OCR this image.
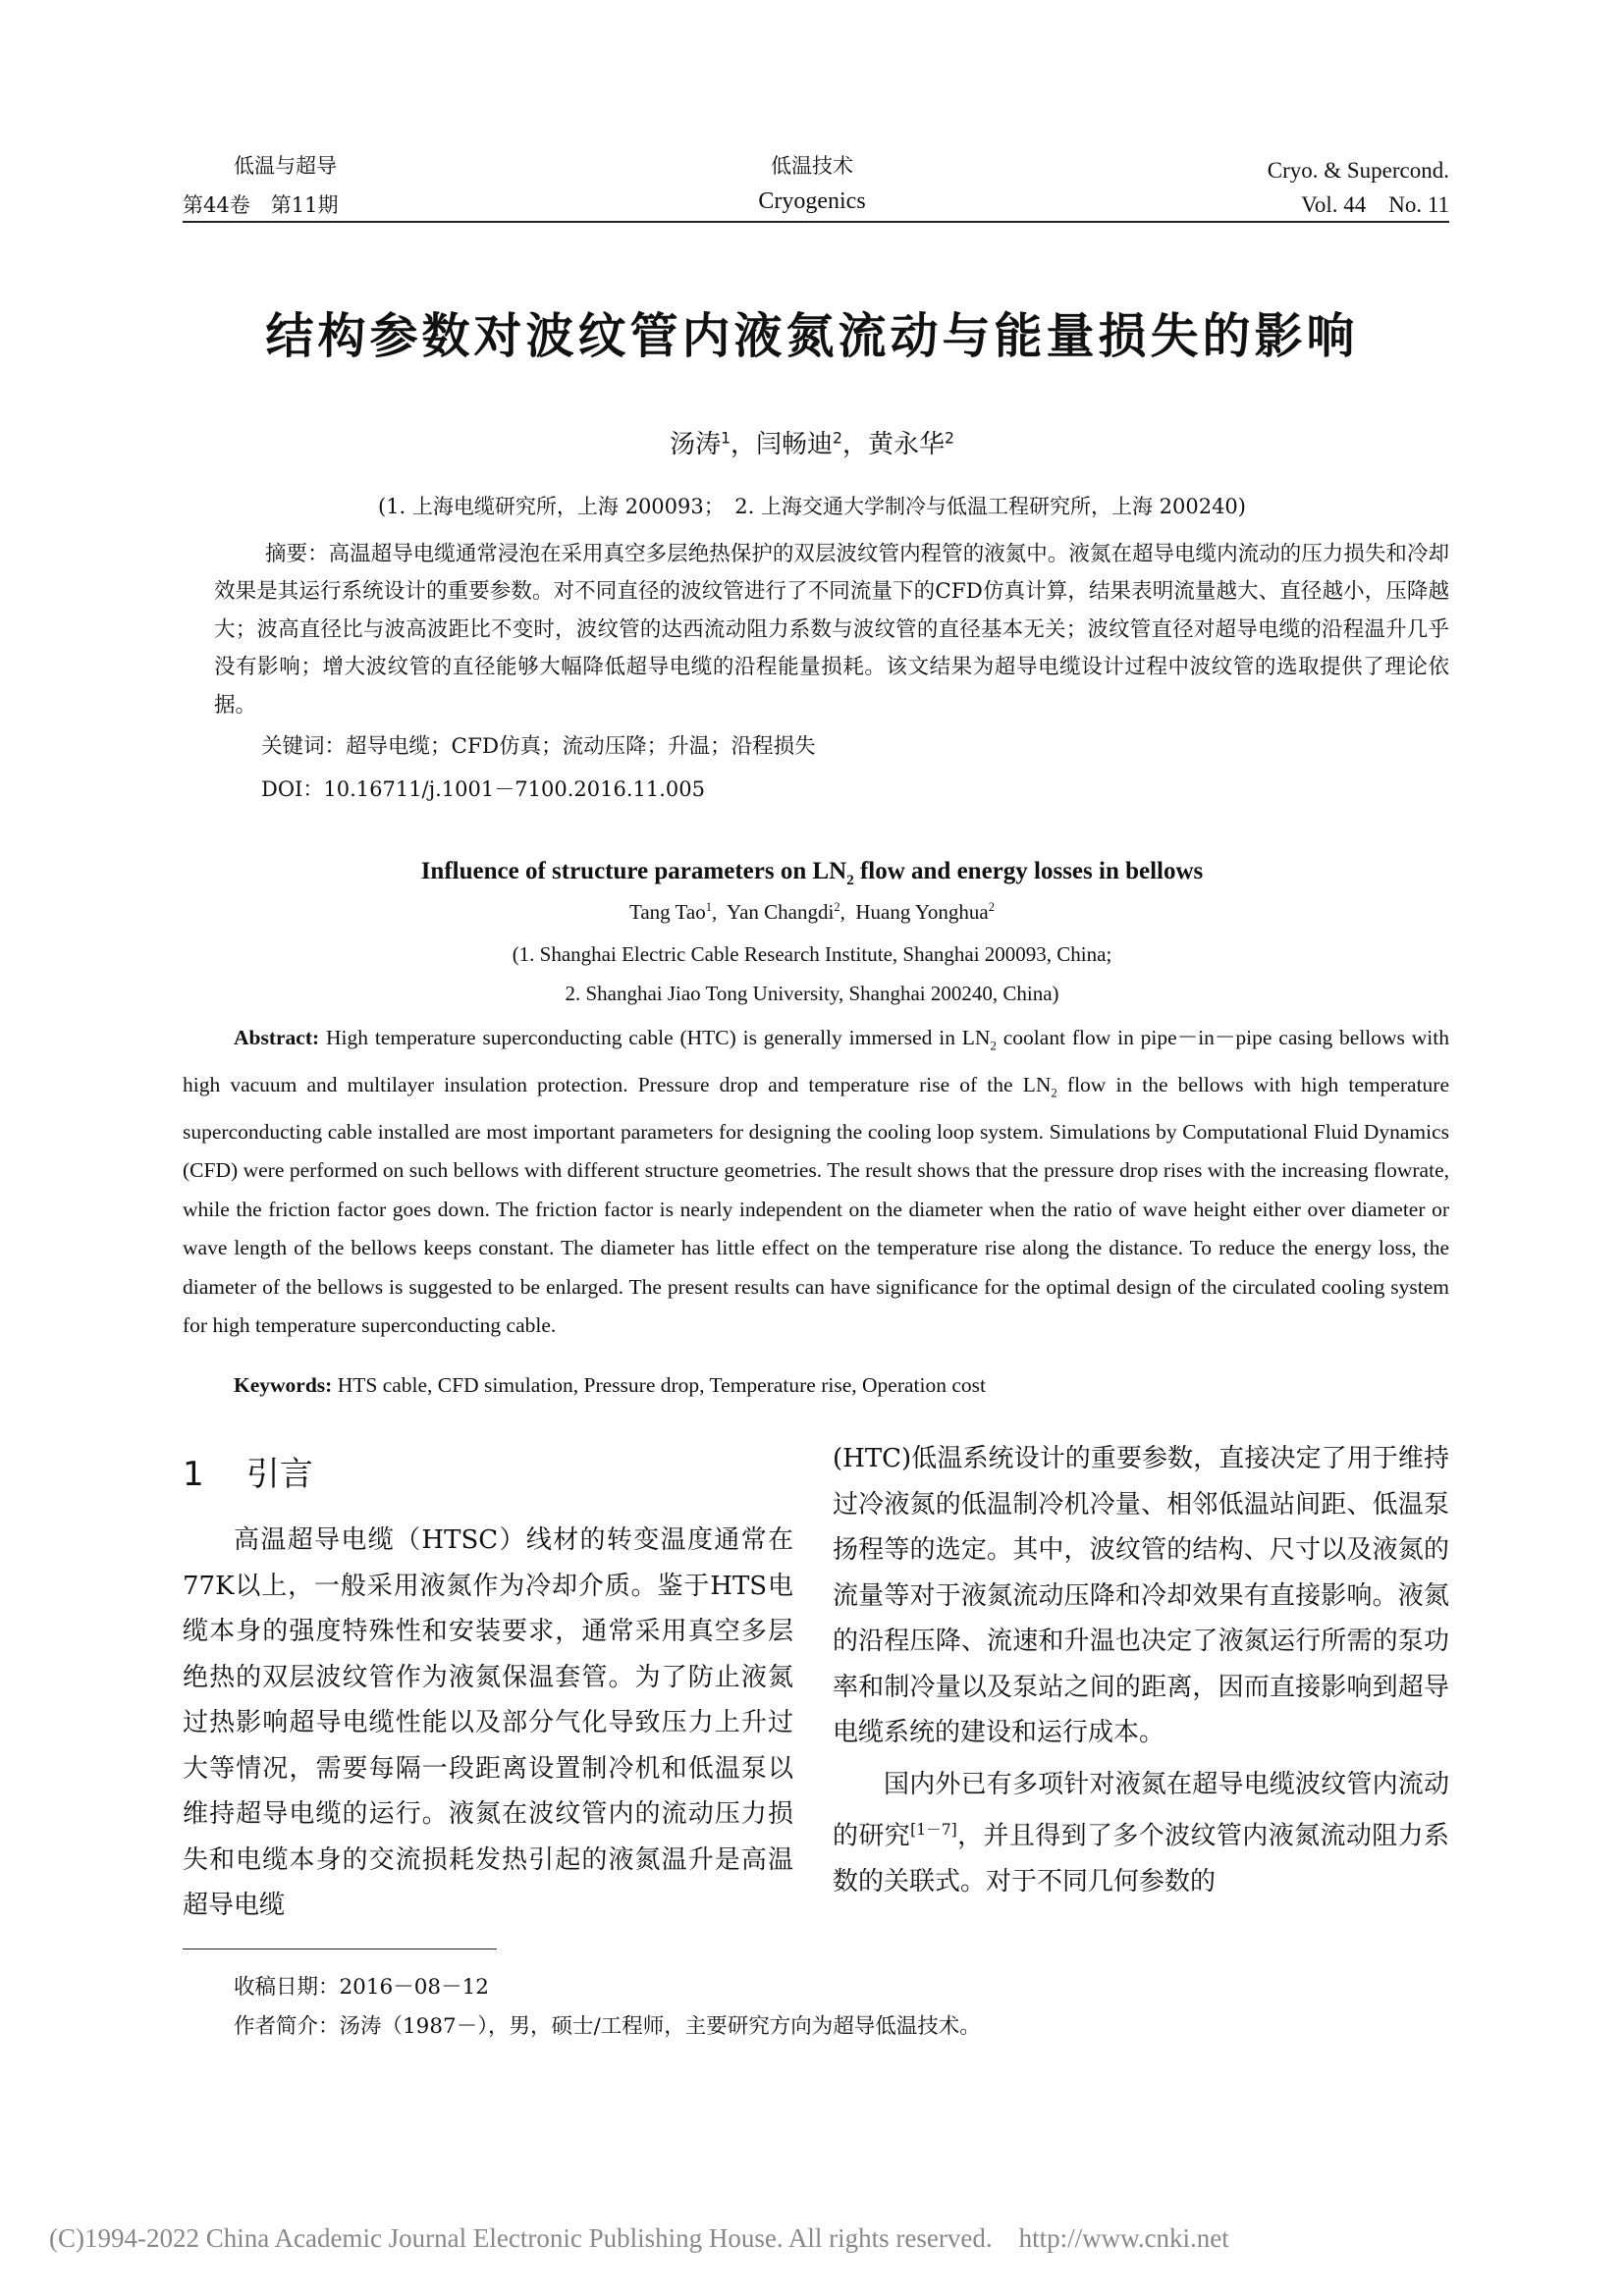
低温与超导
第44卷　第11期
低温技术
Cryogenics
Cryo. & Supercond.
Vol. 44　No. 11
结构参数对波纹管内液氮流动与能量损失的影响
汤涛$^1$，闫畅迪$^2$，黄永华$^2$
(1. 上海电缆研究所，上海 200093；　2. 上海交通大学制冷与低温工程研究所，上海 200240)
摘要：高温超导电缆通常浸泡在采用真空多层绝热保护的双层波纹管内程管的液氮中。液氮在超导电缆内流动的压力损失和冷却效果是其运行系统设计的重要参数。对不同直径的波纹管进行了不同流量下的CFD仿真计算，结果表明流量越大、直径越小，压降越大；波高直径比与波高波距比不变时，波纹管的达西流动阻力系数与波纹管的直径基本无关；波纹管直径对超导电缆的沿程温升几乎没有影响；增大波纹管的直径能够大幅降低超导电缆的沿程能量损耗。该文结果为超导电缆设计过程中波纹管的选取提供了理论依据。
关键词：超导电缆；CFD仿真；流动压降；升温；沿程损失
DOI：10.16711/j.1001－7100.2016.11.005
Influence of structure parameters on $LN_2$ flow and energy losses in bellows
Tang Tao$^1$,  Yan Changdi$^2$,  Huang Yonghua$^2$
(1. Shanghai Electric Cable Research Institute, Shanghai 200093, China;
2. Shanghai Jiao Tong University, Shanghai 200240, China)
Abstract: High temperature superconducting cable (HTC) is generally immersed in $LN_2$ coolant flow in pipe－in－pipe casing bellows with high vacuum and multilayer insulation protection. Pressure drop and temperature rise of the $LN_2$ flow in the bellows with high temperature superconducting cable installed are most important parameters for designing the cooling loop system. Simulations by Computational Fluid Dynamics (CFD) were performed on such bellows with different structure geometries. The result shows that the pressure drop rises with the increasing flowrate, while the friction factor goes down. The friction factor is nearly independent on the diameter when the ratio of wave height either over diameter or wave length of the bellows keeps constant. The diameter has little effect on the temperature rise along the distance. To reduce the energy loss, the diameter of the bellows is suggested to be enlarged. The present results can have significance for the optimal design of the circulated cooling system for high temperature superconducting cable.
Keywords: HTS cable, CFD simulation, Pressure drop, Temperature rise, Operation cost
1 引言

高温超导电缆（HTSC）线材的转变温度通常在77K以上，一般采用液氮作为冷却介质。鉴于HTS电缆本身的强度特殊性和安装要求，通常采用真空多层绝热的双层波纹管作为液氮保温套管。为了防止液氮过热影响超导电缆性能以及部分气化导致压力上升过大等情况，需要每隔一段距离设置制冷机和低温泵以维持超导电缆的运行。液氮在波纹管内的流动压力损失和电缆本身的交流损耗发热引起的液氮温升是高温超导电缆

(HTC)低温系统设计的重要参数，直接决定了用于维持过冷液氮的低温制冷机冷量、相邻低温站间距、低温泵扬程等的选定。其中，波纹管的结构、尺寸以及液氮的流量等对于液氮流动压降和冷却效果有直接影响。液氮的沿程压降、流速和升温也决定了液氮运行所需的泵功率和制冷量以及泵站之间的距离，因而直接影响到超导电缆系统的建设和运行成本。

国内外已有多项针对液氮在超导电缆波纹管内流动的研究[1－7]，并且得到了多个波纹管内液氮流动阻力系数的关联式。对于不同几何参数的

收稿日期：2016－08－12
作者简介：汤涛（1987－），男，硕士/工程师，主要研究方向为超导低温技术。
(C)1994-2022 China Academic Journal Electronic Publishing House. All rights reserved.　http://www.cnki.net
